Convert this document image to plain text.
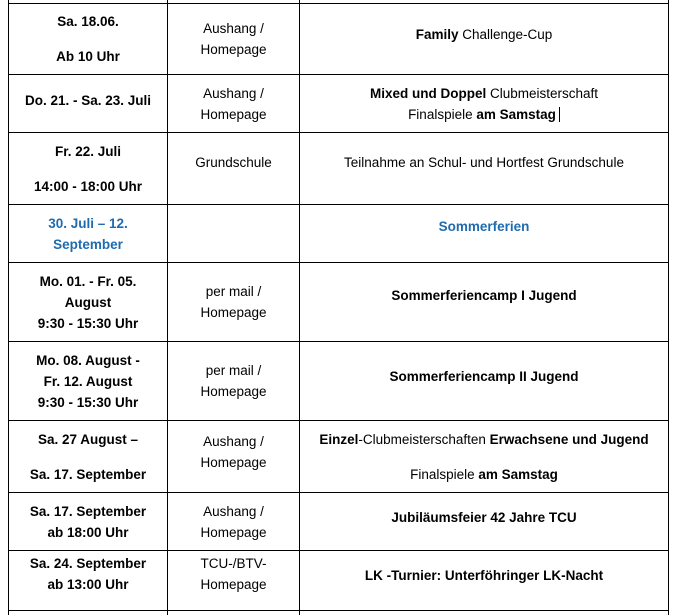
Sa. 18.06.
Ab 10 Uhr
Aushang /
Homepage
Family Challenge-Cup
Do. 21. - Sa. 23. Juli	Aushang /
Homepage
Mixed und Doppel Clubmeisterschaft
Finalspiele am Samstag
Fr. 22. Juli
14:00 - 18:00 Uhr
Grundschule	Teilnahme an Schul- und Hortfest Grundschule
30. Juli – 12.
September
Sommerferien
Mo. 01. - Fr. 05.
August
9:30 - 15:30 Uhr
per mail /
Homepage
Sommerferiencamp I Jugend
Mo. 08. August -
Fr. 12. August
9:30 - 15:30 Uhr
per mail /
Homepage
Sommerferiencamp II Jugend
Sa. 27 August –
Sa. 17. September
Aushang /
Homepage
Einzel-Clubmeisterschaften Erwachsene und Jugend
Finalspiele am Samstag
Sa. 17. September
ab 18:00 Uhr
Aushang /
Homepage
Jubiläumsfeier 42 Jahre TCU
Sa. 24. September
ab 13:00 Uhr
TCU-/BTV-
Homepage
LK -Turnier: Unterföhringer LK-Nacht
